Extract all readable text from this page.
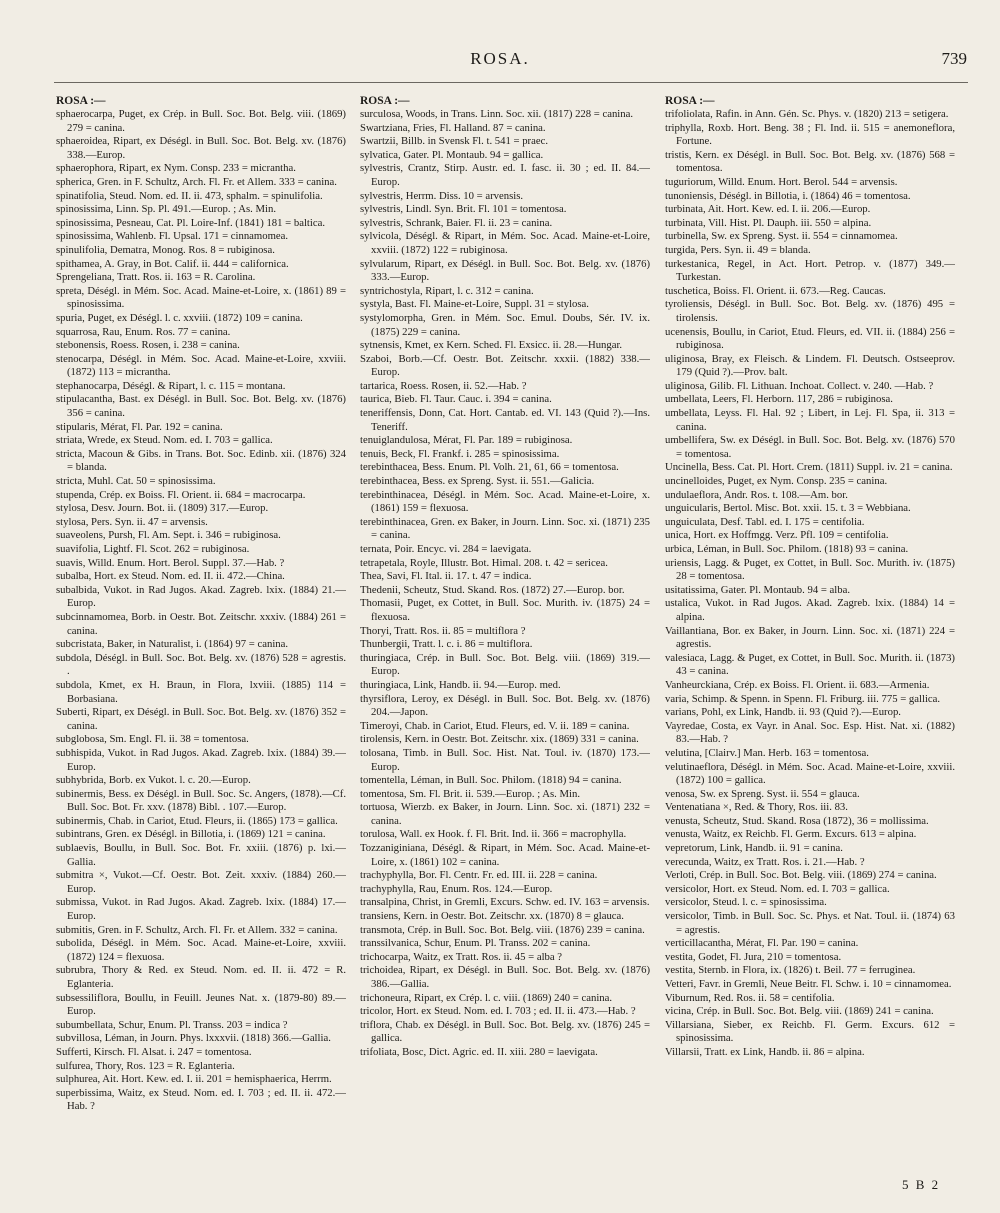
ROSA.	739
ROSA :—

sphaerocarpa, Puget, ex Crép. in Bull. Soc. Bot. Belg. viii. (1869) 279 = canina.

sphaeroidea, Ripart, ex Déségl. in Bull. Soc. Bot. Belg. xv. (1876) 338.—Europ.

sphaerophora, Ripart, ex Nym. Consp. 233 = micrantha.

spherica, Gren. in F. Schultz, Arch. Fl. Fr. et Allem. 333 = canina.

spinatifolia, Steud. Nom. ed. II. ii. 473, sphalm. = spinulifolia.

spinosissima, Linn. Sp. Pl. 491.—Europ. ; As. Min.

spinosissima, Pesneau, Cat. Pl. Loire-Inf. (1841) 181 = baltica.

spinosissima, Wahlenb. Fl. Upsal. 171 = cinnamomea.

spinulifolia, Dematra, Monog. Ros. 8 = rubiginosa.

spithamea, A. Gray, in Bot. Calif. ii. 444 = californica.

Sprengeliana, Tratt. Ros. ii. 163 = R. Carolina.

spreta, Déségl. in Mém. Soc. Acad. Maine-et-Loire, x. (1861) 89 = spinosissima.

spuria, Puget, ex Déségl. l. c. xxviii. (1872) 109 = canina.

squarrosa, Rau, Enum. Ros. 77 = canina.

stebonensis, Roess. Rosen, i. 238 = canina.

stenocarpa, Déségl. in Mém. Soc. Acad. Maine-et-Loire, xxviii. (1872) 113 = micrantha.

stephanocarpa, Déségl. & Ripart, l. c. 115 = montana.

stipulacantha, Bast. ex Déségl. in Bull. Soc. Bot. Belg. xv. (1876) 356 = canina.

stipularis, Mérat, Fl. Par. 192 = canina.

striata, Wrede, ex Steud. Nom. ed. I. 703 = gallica.

stricta, Macoun & Gibs. in Trans. Bot. Soc. Edinb. xii. (1876) 324 = blanda.

stricta, Muhl. Cat. 50 = spinosissima.

stupenda, Crép. ex Boiss. Fl. Orient. ii. 684 = macrocarpa.

stylosa, Desv. Journ. Bot. ii. (1809) 317.—Europ.

stylosa, Pers. Syn. ii. 47 = arvensis.

suaveolens, Pursh, Fl. Am. Sept. i. 346 = rubiginosa.

suavifolia, Lightf. Fl. Scot. 262 = rubiginosa.

suavis, Willd. Enum. Hort. Berol. Suppl. 37.—Hab. ?

subalba, Hort. ex Steud. Nom. ed. II. ii. 472.—China.

subalbida, Vukot. in Rad Jugos. Akad. Zagreb. lxix. (1884) 21.—Europ.

subcinnamomea, Borb. in Oestr. Bot. Zeitschr. xxxiv. (1884) 261 = canina.

subcristata, Baker, in Naturalist, i. (1864) 97 = canina.

subdola, Déségl. in Bull. Soc. Bot. Belg. xv. (1876) 528 = agrestis. .

subdola, Kmet, ex H. Braun, in Flora, lxviii. (1885) 114 = Borbasiana.

Suberti, Ripart, ex Déségl. in Bull. Soc. Bot. Belg. xv. (1876) 352 = canina.

subglobosa, Sm. Engl. Fl. ii. 38 = tomentosa.

subhispida, Vukot. in Rad Jugos. Akad. Zagreb. lxix. (1884) 39.—Europ.

subhybrida, Borb. ex Vukot. l. c. 20.—Europ.

subinermis, Bess. ex Déségl. in Bull. Soc. Sc. Angers, (1878).—Cf. Bull. Soc. Bot. Fr. xxv. (1878) Bibl. . 107.—Europ.

subinermis, Chab. in Cariot, Etud. Fleurs, ii. (1865) 173 = gallica.

subintrans, Gren. ex Déségl. in Billotia, i. (1869) 121 = canina.

sublaevis, Boullu, in Bull. Soc. Bot. Fr. xxiii. (1876) p. lxi.—Gallia.

submitra ×, Vukot.—Cf. Oestr. Bot. Zeit. xxxiv. (1884) 260.—Europ.

submissa, Vukot. in Rad Jugos. Akad. Zagreb. lxix. (1884) 17.—Europ.

submitis, Gren. in F. Schultz, Arch. Fl. Fr. et Allem. 332 = canina.

subolida, Déségl. in Mém. Soc. Acad. Maine-et-Loire, xxviii. (1872) 124 = flexuosa.

subrubra, Thory & Red. ex Steud. Nom. ed. II. ii. 472 = R. Eglanteria.

subsessiliflora, Boullu, in Feuill. Jeunes Nat. x. (1879-80) 89.—Europ.

subumbellata, Schur, Enum. Pl. Transs. 203 = indica ?

subvillosa, Léman, in Journ. Phys. lxxxvii. (1818) 366.—Gallia.

Sufferti, Kirsch. Fl. Alsat. i. 247 = tomentosa.

sulfurea, Thory, Ros. 123 = R. Eglanteria.

sulphurea, Ait. Hort. Kew. ed. I. ii. 201 = hemisphaerica, Herrm.

superbissima, Waitz, ex Steud. Nom. ed. I. 703 ; ed. II. ii. 472.—Hab. ?

ROSA :—

surculosa, Woods, in Trans. Linn. Soc. xii. (1817) 228 = canina.

Swartziana, Fries, Fl. Halland. 87 = canina.

Swartzii, Billb. in Svensk Fl. t. 541 = praec.

sylvatica, Gater. Pl. Montaub. 94 = gallica.

sylvestris, Crantz, Stirp. Austr. ed. I. fasc. ii. 30 ; ed. II. 84.—Europ.

sylvestris, Herrm. Diss. 10 = arvensis.

sylvestris, Lindl. Syn. Brit. Fl. 101 = tomentosa.

sylvestris, Schrank, Baier. Fl. ii. 23 = canina.

sylvicola, Déségl. & Ripart, in Mém. Soc. Acad. Maine-et-Loire, xxviii. (1872) 122 = rubiginosa.

sylvularum, Ripart, ex Déségl. in Bull. Soc. Bot. Belg. xv. (1876) 333.—Europ.

syntrichostyla, Ripart, l. c. 312 = canina.

systyla, Bast. Fl. Maine-et-Loire, Suppl. 31 = stylosa.

systylomorpha, Gren. in Mém. Soc. Emul. Doubs, Sér. IV. ix. (1875) 229 = canina.

sytnensis, Kmet, ex Kern. Sched. Fl. Exsicc. ii. 28.—Hungar.

Szaboi, Borb.—Cf. Oestr. Bot. Zeitschr. xxxii. (1882) 338.—Europ.

tartarica, Roess. Rosen, ii. 52.—Hab. ?

taurica, Bieb. Fl. Taur. Cauc. i. 394 = canina.

teneriffensis, Donn, Cat. Hort. Cantab. ed. VI. 143 (Quid ?).—Ins. Teneriff.

tenuiglandulosa, Mérat, Fl. Par. 189 = rubiginosa.

tenuis, Beck, Fl. Frankf. i. 285 = spinosissima.

terebinthacea, Bess. Enum. Pl. Volh. 21, 61, 66 = tomentosa.

terebinthacea, Bess. ex Spreng. Syst. ii. 551.—Galicia.

terebinthinacea, Déségl. in Mém. Soc. Acad. Maine-et-Loire, x. (1861) 159 = flexuosa.

terebinthinacea, Gren. ex Baker, in Journ. Linn. Soc. xi. (1871) 235 = canina.

ternata, Poir. Encyc. vi. 284 = laevigata.

tetrapetala, Royle, Illustr. Bot. Himal. 208. t. 42 = sericea.

Thea, Savi, Fl. Ital. ii. 17. t. 47 = indica.

Thedenii, Scheutz, Stud. Skand. Ros. (1872) 27.—Europ. bor.

Thomasii, Puget, ex Cottet, in Bull. Soc. Murith. iv. (1875) 24 = flexuosa.

Thoryi, Tratt. Ros. ii. 85 = multiflora ?

Thunbergii, Tratt. l. c. i. 86 = multiflora.

thuringiaca, Crép. in Bull. Soc. Bot. Belg. viii. (1869) 319.—Europ.

thuringiaca, Link, Handb. ii. 94.—Europ. med.

thyrsiflora, Leroy, ex Déségl. in Bull. Soc. Bot. Belg. xv. (1876) 204.—Japon.

Timeroyi, Chab. in Cariot, Etud. Fleurs, ed. V. ii. 189 = canina.

tirolensis, Kern. in Oestr. Bot. Zeitschr. xix. (1869) 331 = canina.

tolosana, Timb. in Bull. Soc. Hist. Nat. Toul. iv. (1870) 173.—Europ.

tomentella, Léman, in Bull. Soc. Philom. (1818) 94 = canina.

tomentosa, Sm. Fl. Brit. ii. 539.—Europ. ; As. Min.

tortuosa, Wierzb. ex Baker, in Journ. Linn. Soc. xi. (1871) 232 = canina.

torulosa, Wall. ex Hook. f. Fl. Brit. Ind. ii. 366 = macrophylla.

Tozzaniginiana, Déségl. & Ripart, in Mém. Soc. Acad. Maine-et-Loire, x. (1861) 102 = canina.

trachyphylla, Bor. Fl. Centr. Fr. ed. III. ii. 228 = canina.

trachyphylla, Rau, Enum. Ros. 124.—Europ.

transalpina, Christ, in Gremli, Excurs. Schw. ed. IV. 163 = arvensis.

transiens, Kern. in Oestr. Bot. Zeitschr. xx. (1870) 8 = glauca.

transmota, Crép. in Bull. Soc. Bot. Belg. viii. (1876) 239 = canina.

transsilvanica, Schur, Enum. Pl. Transs. 202 = canina.

trichocarpa, Waitz, ex Tratt. Ros. ii. 45 = alba ?

trichoidea, Ripart, ex Déségl. in Bull. Soc. Bot. Belg. xv. (1876) 386.—Gallia.

trichoneura, Ripart, ex Crép. l. c. viii. (1869) 240 = canina.

tricolor, Hort. ex Steud. Nom. ed. I. 703 ; ed. II. ii. 473.—Hab. ?

triflora, Chab. ex Déségl. in Bull. Soc. Bot. Belg. xv. (1876) 245 = gallica.

trifoliata, Bosc, Dict. Agric. ed. II. xiii. 280 = laevigata.

ROSA :—

trifoliolata, Rafin. in Ann. Gén. Sc. Phys. v. (1820) 213 = setigera.

triphylla, Roxb. Hort. Beng. 38 ; Fl. Ind. ii. 515 = anemoneflora, Fortune.

tristis, Kern. ex Déségl. in Bull. Soc. Bot. Belg. xv. (1876) 568 = tomentosa.

tuguriorum, Willd. Enum. Hort. Berol. 544 = arvensis.

tunoniensis, Déségl. in Billotia, i. (1864) 46 = tomentosa.

turbinata, Ait. Hort. Kew. ed. I. ii. 206.—Europ.

turbinata, Vill. Hist. Pl. Dauph. iii. 550 = alpina.

turbinella, Sw. ex Spreng. Syst. ii. 554 = cinnamomea.

turgida, Pers. Syn. ii. 49 = blanda.

turkestanica, Regel, in Act. Hort. Petrop. v. (1877) 349.—Turkestan.

tuschetica, Boiss. Fl. Orient. ii. 673.—Reg. Caucas.

tyroliensis, Déségl. in Bull. Soc. Bot. Belg. xv. (1876) 495 = tirolensis.

ucenensis, Boullu, in Cariot, Etud. Fleurs, ed. VII. ii. (1884) 256 = rubiginosa.

uliginosa, Bray, ex Fleisch. & Lindem. Fl. Deutsch. Ostseeprov. 179 (Quid ?).—Prov. balt.

uliginosa, Gilib. Fl. Lithuan. Inchoat. Collect. v. 240. —Hab. ?

umbellata, Leers, Fl. Herborn. 117, 286 = rubiginosa.

umbellata, Leyss. Fl. Hal. 92 ; Libert, in Lej. Fl. Spa, ii. 313 = canina.

umbellifera, Sw. ex Déségl. in Bull. Soc. Bot. Belg. xv. (1876) 570 = tomentosa.

Uncinella, Bess. Cat. Pl. Hort. Crem. (1811) Suppl. iv. 21 = canina.

uncinelloides, Puget, ex Nym. Consp. 235 = canina.

undulaeflora, Andr. Ros. t. 108.—Am. bor.

unguicularis, Bertol. Misc. Bot. xxii. 15. t. 3 = Webbiana.

unguiculata, Desf. Tabl. ed. I. 175 = centifolia.

unica, Hort. ex Hoffmgg. Verz. Pfl. 109 = centifolia.

urbica, Léman, in Bull. Soc. Philom. (1818) 93 = canina.

uriensis, Lagg. & Puget, ex Cottet, in Bull. Soc. Murith. iv. (1875) 28 = tomentosa.

usitatissima, Gater. Pl. Montaub. 94 = alba.

ustalica, Vukot. in Rad Jugos. Akad. Zagreb. lxix. (1884) 14 = alpina.

Vaillantiana, Bor. ex Baker, in Journ. Linn. Soc. xi. (1871) 224 = agrestis.

valesiaca, Lagg. & Puget, ex Cottet, in Bull. Soc. Murith. ii. (1873) 43 = canina.

Vanheurckiana, Crép. ex Boiss. Fl. Orient. ii. 683.—Armenia.

varia, Schimp. & Spenn. in Spenn. Fl. Friburg. iii. 775 = gallica.

varians, Pohl, ex Link, Handb. ii. 93 (Quid ?).—Europ.

Vayredae, Costa, ex Vayr. in Anal. Soc. Esp. Hist. Nat. xi. (1882) 83.—Hab. ?

velutina, [Clairv.] Man. Herb. 163 = tomentosa.

velutinaeflora, Déségl. in Mém. Soc. Acad. Maine-et-Loire, xxviii. (1872) 100 = gallica.

venosa, Sw. ex Spreng. Syst. ii. 554 = glauca.

Ventenatiana ×, Red. & Thory, Ros. iii. 83.

venusta, Scheutz, Stud. Skand. Rosa (1872), 36 = mollissima.

venusta, Waitz, ex Reichb. Fl. Germ. Excurs. 613 = alpina.

vepretorum, Link, Handb. ii. 91 = canina.

verecunda, Waitz, ex Tratt. Ros. i. 21.—Hab. ?

Verloti, Crép. in Bull. Soc. Bot. Belg. viii. (1869) 274 = canina.

versicolor, Hort. ex Steud. Nom. ed. I. 703 = gallica.

versicolor, Steud. l. c. = spinosissima.

versicolor, Timb. in Bull. Soc. Sc. Phys. et Nat. Toul. ii. (1874) 63 = agrestis.

verticillacantha, Mérat, Fl. Par. 190 = canina.

vestita, Godet, Fl. Jura, 210 = tomentosa.

vestita, Sternb. in Flora, ix. (1826) t. Beil. 77 = ferruginea.

Vetteri, Favr. in Gremli, Neue Beitr. Fl. Schw. i. 10 = cinnamomea.

Viburnum, Red. Ros. ii. 58 = centifolia.

vicina, Crép. in Bull. Soc. Bot. Belg. viii. (1869) 241 = canina.

Villarsiana, Sieber, ex Reichb. Fl. Germ. Excurs. 612 = spinosissima.

Villarsii, Tratt. ex Link, Handb. ii. 86 = alpina.

5 B 2
